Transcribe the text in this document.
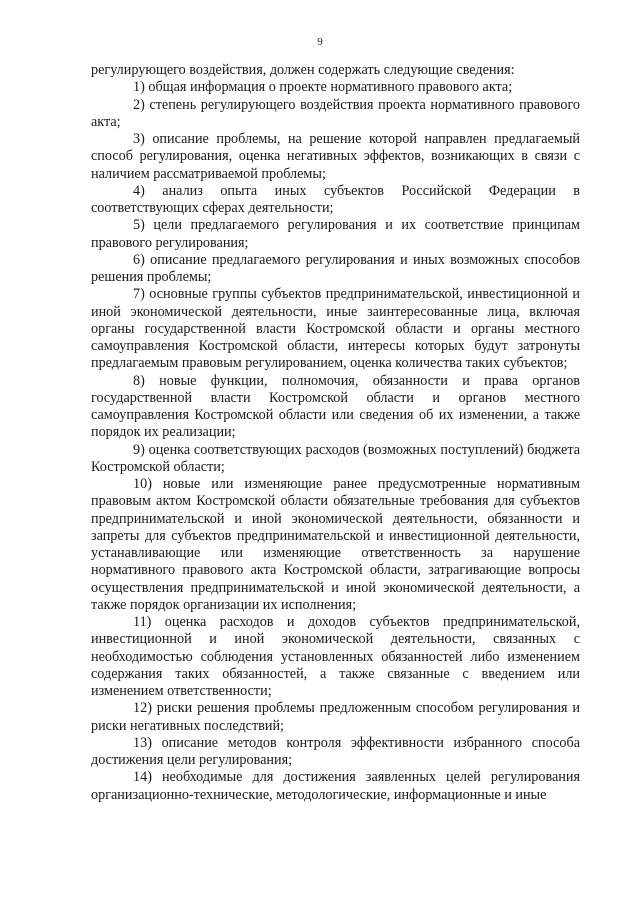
9

регулирующего воздействия, должен содержать следующие сведения:

1) общая информация о проекте нормативного правового акта;

2) степень регулирующего воздействия проекта нормативного правового акта;

3) описание проблемы, на решение которой направлен предлагаемый способ регулирования, оценка негативных эффектов, возникающих в связи с наличием рассматриваемой проблемы;

4) анализ опыта иных субъектов Российской Федерации в соответствующих сферах деятельности;

5) цели предлагаемого регулирования и их соответствие принципам правового регулирования;

6) описание предлагаемого регулирования и иных возможных способов решения проблемы;

7) основные группы субъектов предпринимательской, инвестиционной и иной экономической деятельности, иные заинтересованные лица, включая органы государственной власти Костромской области и органы местного самоуправления Костромской области, интересы которых будут затронуты предлагаемым правовым регулированием, оценка количества таких субъектов;

8) новые функции, полномочия, обязанности и права органов государственной власти Костромской области и органов местного самоуправления Костромской области или сведения об их изменении, а также порядок их реализации;

9) оценка соответствующих расходов (возможных поступлений) бюджета Костромской области;

10) новые или изменяющие ранее предусмотренные нормативным правовым актом Костромской области обязательные требования для субъектов предпринимательской и иной экономической деятельности, обязанности и запреты для субъектов предпринимательской и инвестиционной деятельности, устанавливающие или изменяющие ответственность за нарушение нормативного правового акта Костромской области, затрагивающие вопросы осуществления предпринимательской и иной экономической деятельности, а также порядок организации их исполнения;

11) оценка расходов и доходов субъектов предпринимательской, инвестиционной и иной экономической деятельности, связанных с необходимостью соблюдения установленных обязанностей либо изменением содержания таких обязанностей, а также связанные с введением или изменением ответственности;

12) риски решения проблемы предложенным способом регулирования и риски негативных последствий;

13) описание методов контроля эффективности избранного способа достижения цели регулирования;

14) необходимые для достижения заявленных целей регулирования организационно-технические, методологические, информационные и иные
